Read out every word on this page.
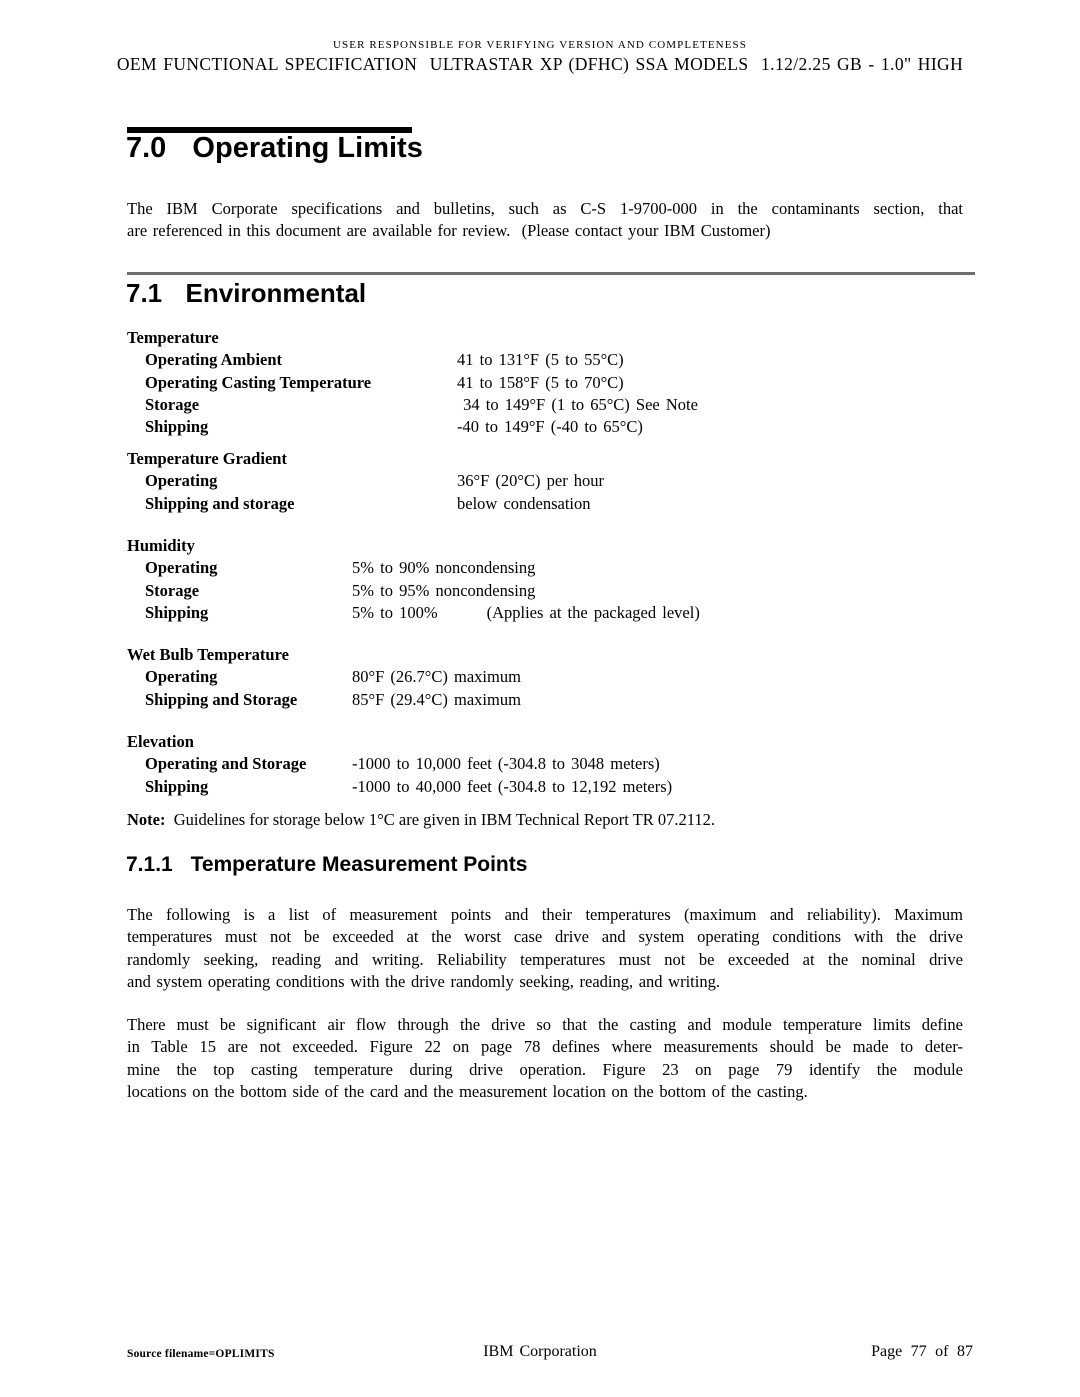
USER RESPONSIBLE FOR VERIFYING VERSION AND COMPLETENESS
OEM FUNCTIONAL SPECIFICATION  ULTRASTAR XP (DFHC) SSA MODELS  1.12/2.25 GB - 1.0" HIGH
7.0 Operating Limits
The IBM Corporate specifications and bulletins, such as C-S 1-9700-000 in the contaminants section, that
are referenced in this document are available for review.  (Please contact your IBM Customer)
7.1 Environmental
Temperature
Operating Ambient	41 to 131°F (5 to 55°C)
Operating Casting Temperature	41 to 158°F (5 to 70°C)
Storage	34 to 149°F (1 to 65°C) See Note
Shipping	-40 to 149°F (-40 to 65°C)
Temperature Gradient
Operating	36°F (20°C) per hour
Shipping and storage	below condensation
Humidity
Operating	5% to 90% noncondensing
Storage	5% to 95% noncondensing
Shipping	5% to 100%        (Applies at the packaged level)
Wet Bulb Temperature
Operating	80°F (26.7°C) maximum
Shipping and Storage	85°F (29.4°C) maximum
Elevation
Operating and Storage	-1000 to 10,000 feet (-304.8 to 3048 meters)
Shipping	-1000 to 40,000 feet (-304.8 to 12,192 meters)
Note:  Guidelines for storage below 1°C are given in IBM Technical Report TR 07.2112.
7.1.1 Temperature Measurement Points
The following is a list of measurement points and their temperatures (maximum and reliability). Maximum
temperatures must not be exceeded at the worst case drive and system operating conditions with the drive
randomly seeking, reading and writing. Reliability temperatures must not be exceeded at the nominal drive
and system operating conditions with the drive randomly seeking, reading, and writing.
There must be significant air flow through the drive so that the casting and module temperature limits define
in Table 15 are not exceeded. Figure 22 on page 78 defines where measurements should be made to deter-
mine the top casting temperature during drive operation. Figure 23 on page 79 identify the module
locations on the bottom side of the card and the measurement location on the bottom of the casting.
Source filename=OPLIMITS	IBM Corporation	Page 77 of 87
